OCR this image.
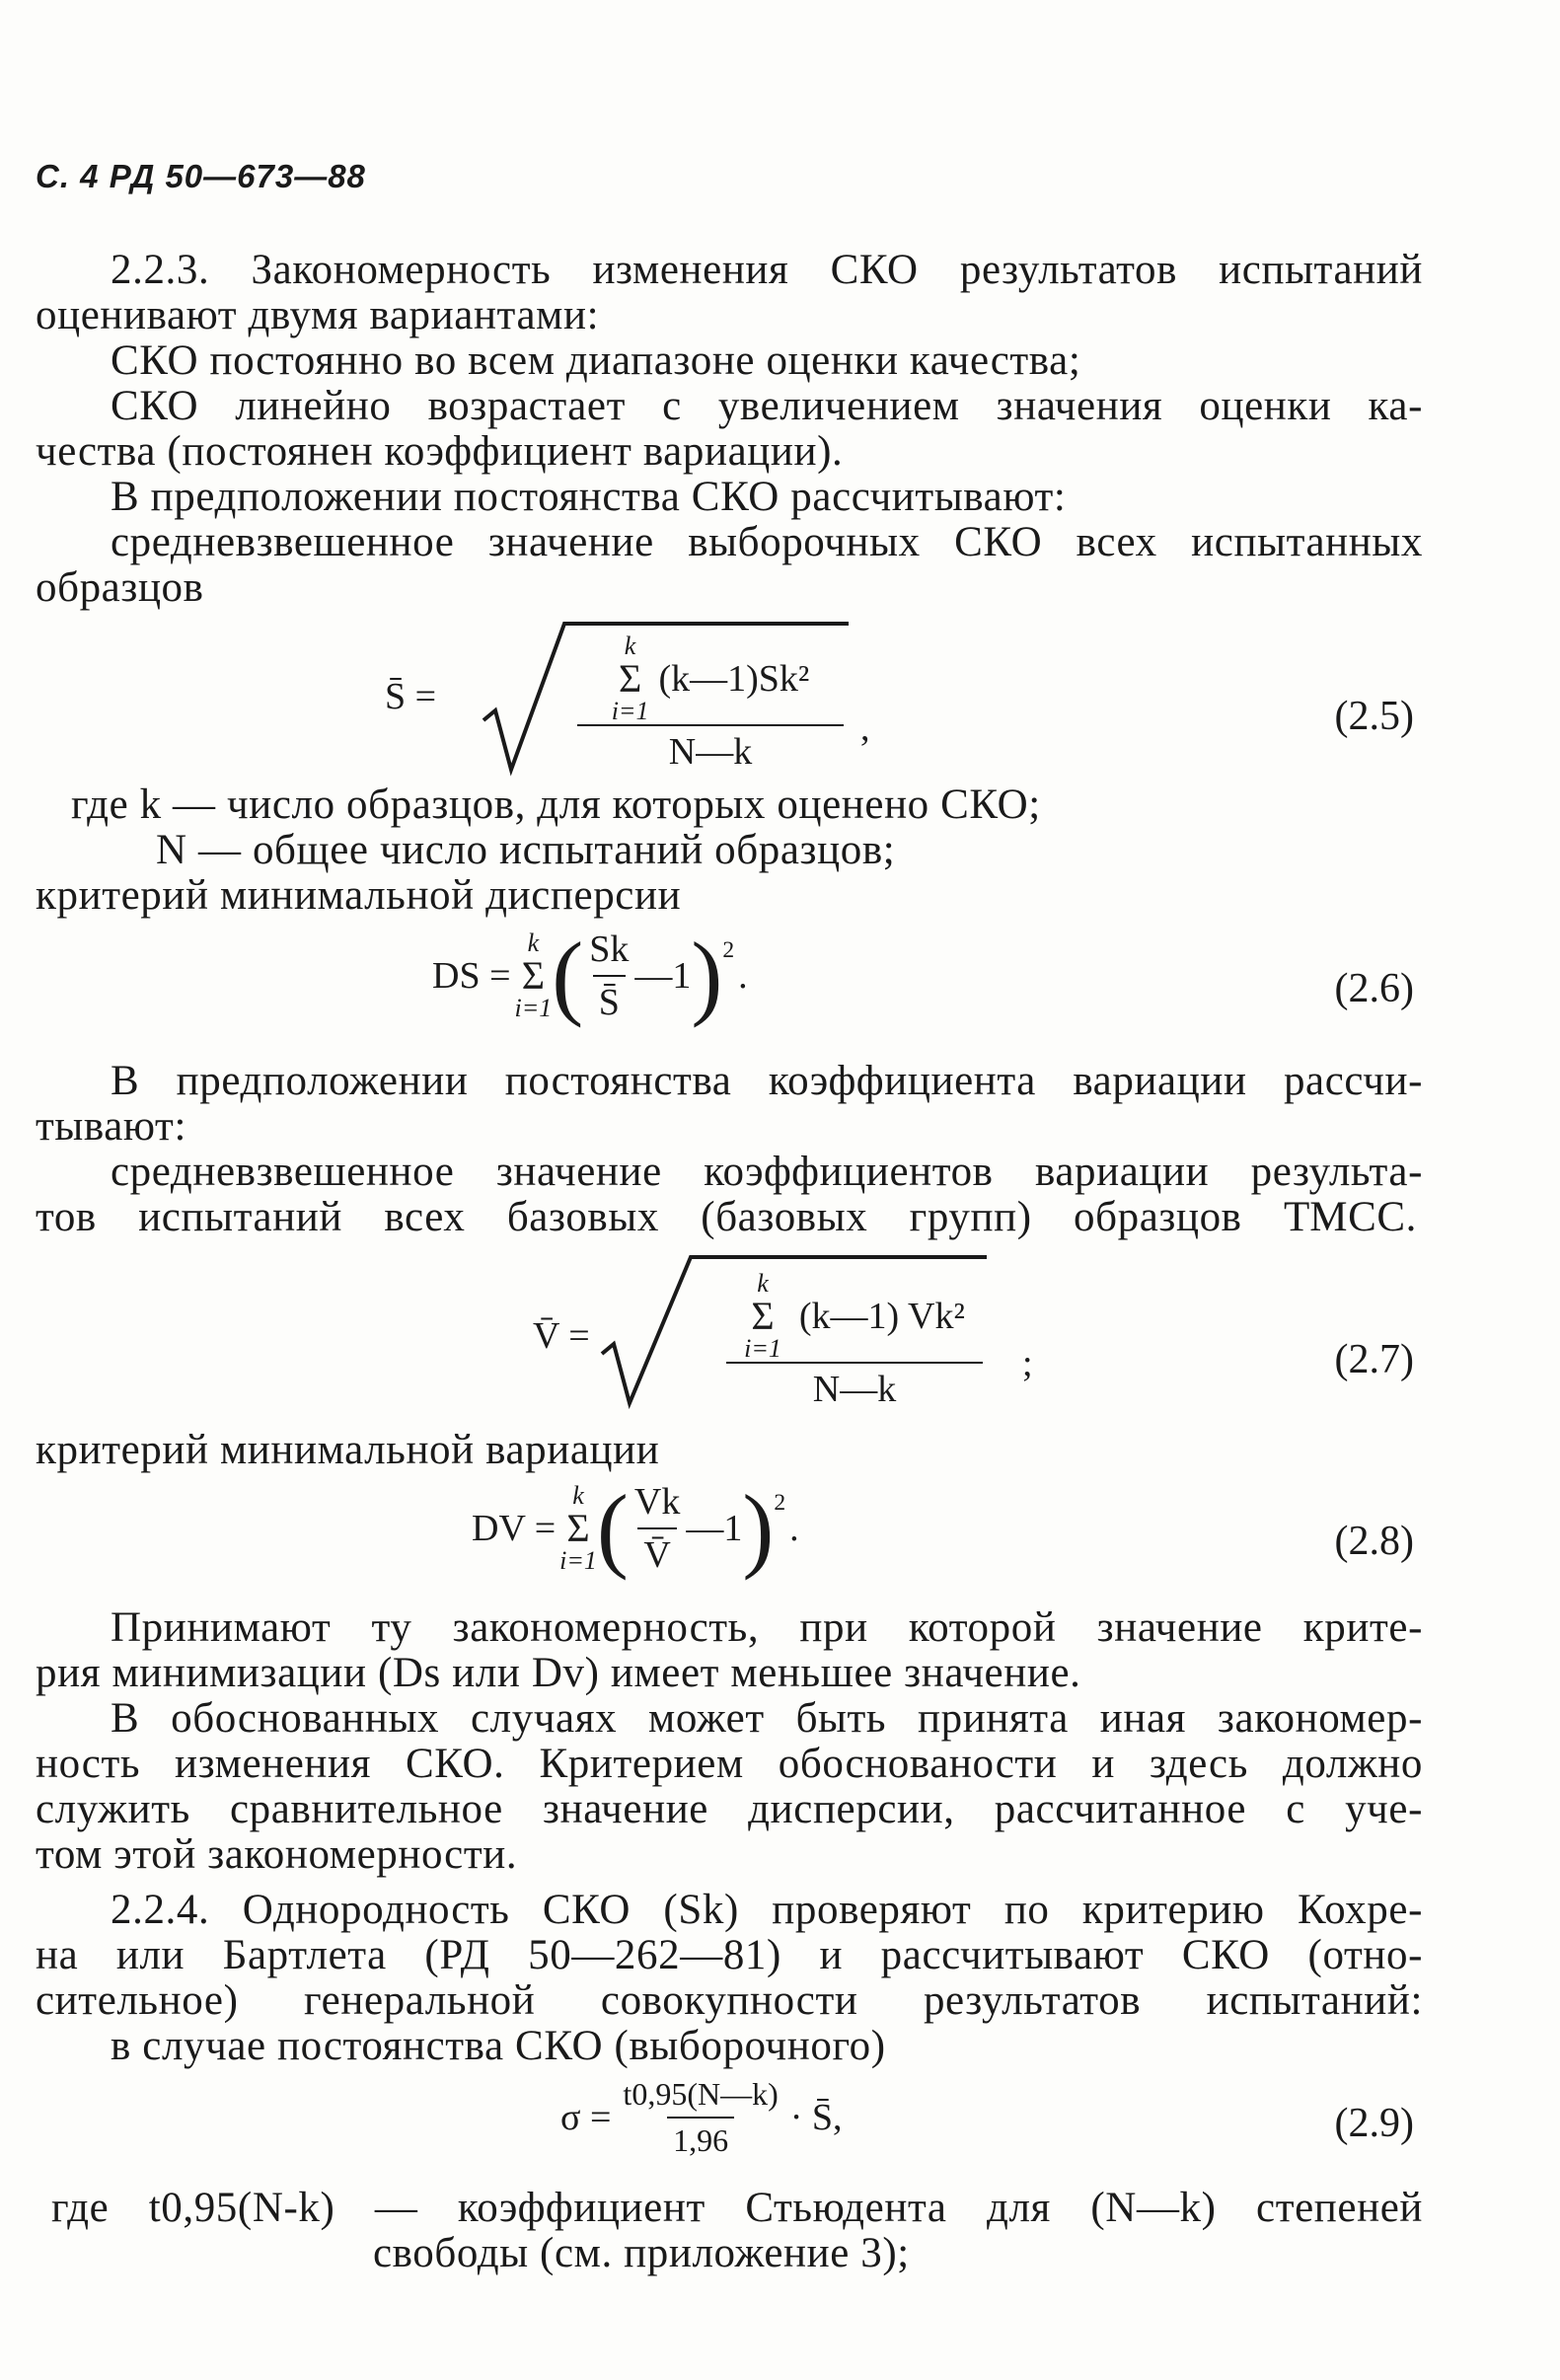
С. 4 РД 50—673—88
2.2.3. Закономерность изменения СКО результатов испытаний
оценивают двумя вариантами:
СКО постоянно во всем диапазоне оценки качества;
СКО линейно возрастает с увеличением значения оценки ка-
чества (постоянен коэффициент вариации).
В предположении постоянства СКО рассчитывают:
средневзвешенное значение выборочных СКО всех испытанных
образцов
S̄ =
k
Σ
i=1
(k—1)Sk²
N—k
,	(2.5)
где k — число образцов, для которых оценено СКО;
N — общее число испытаний образцов;
критерий минимальной дисперсии
DS =
k
Σ
i=1 ( $\frac{Sk}{S̄}$ —1 )$^2$
.	(2.6)
В предположении постоянства коэффициента вариации рассчи-
тывают:
средневзвешенное значение коэффициентов вариации результа-
тов испытаний всех базовых (базовых групп) образцов ТМСС.
V̄ =
k
Σ
i=1
(k—1) Vk²
N—k
;	(2.7)
критерий минимальной вариации
DV =
k
Σ
i=1 ( $\frac{Vk}{V̄}$ —1 )$^2$
.	(2.8)
Принимают ту закономерность, при которой значение крите-
рия минимизации (Ds или Dv) имеет меньшее значение.
В обоснованных случаях может быть принята иная закономер-
ность изменения СКО. Критерием обоснованости и здесь должно
служить сравнительное значение дисперсии, рассчитанное с уче-
том этой закономерности.
2.2.4. Однородность СКО (Sk) проверяют по критерию Кохре-
на или Бартлета (РД 50—262—81) и рассчитывают СКО (отно-
сительное) генеральной совокупности результатов испытаний:
в случае постоянства СКО (выборочного)
$\sigma = \frac{t0,95(N—k)}{1,96}$ · S̄,	(2.9)
где t0,95(N-k) — коэффициент Стьюдента для (N—k) степеней
свободы (см. приложение 3);
